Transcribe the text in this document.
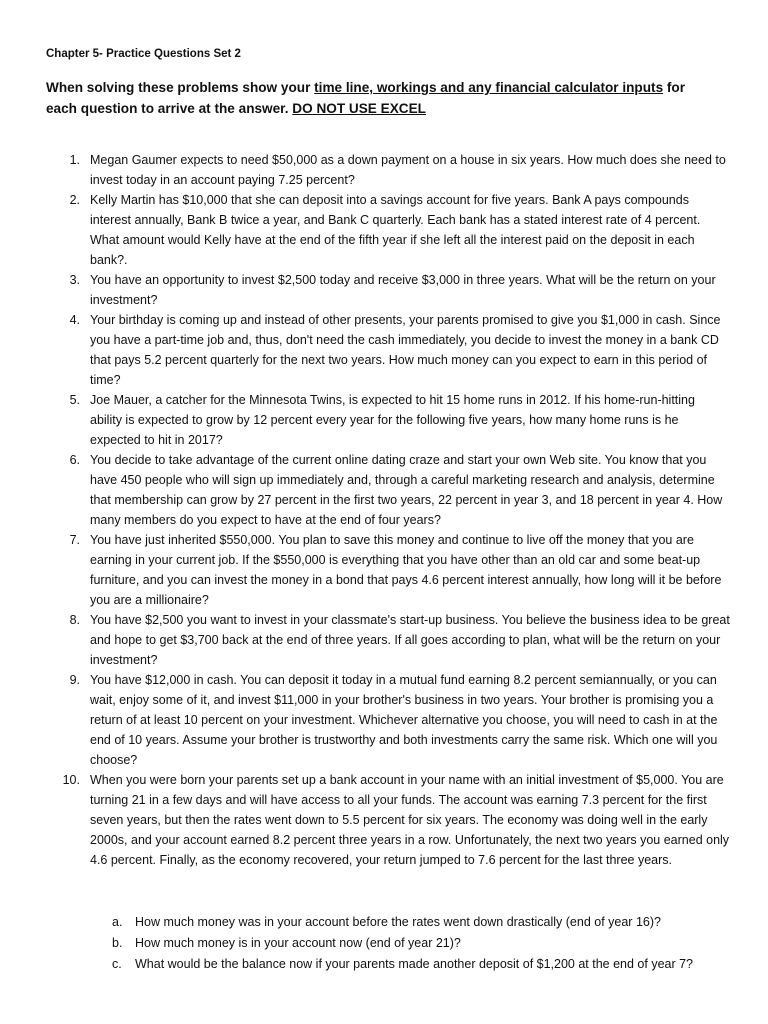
Chapter 5- Practice Questions Set 2
When solving these problems show your time line, workings and any financial calculator inputs for each question to arrive at the answer. DO NOT USE EXCEL
1. Megan Gaumer expects to need $50,000 as a down payment on a house in six years. How much does she need to invest today in an account paying 7.25 percent?
2. Kelly Martin has $10,000 that she can deposit into a savings account for five years. Bank A pays compounds interest annually, Bank B twice a year, and Bank C quarterly. Each bank has a stated interest rate of 4 percent. What amount would Kelly have at the end of the fifth year if she left all the interest paid on the deposit in each bank?.
3. You have an opportunity to invest $2,500 today and receive $3,000 in three years. What will be the return on your investment?
4. Your birthday is coming up and instead of other presents, your parents promised to give you $1,000 in cash. Since you have a part-time job and, thus, don't need the cash immediately, you decide to invest the money in a bank CD that pays 5.2 percent quarterly for the next two years. How much money can you expect to earn in this period of time?
5. Joe Mauer, a catcher for the Minnesota Twins, is expected to hit 15 home runs in 2012. If his home-run-hitting ability is expected to grow by 12 percent every year for the following five years, how many home runs is he expected to hit in 2017?
6. You decide to take advantage of the current online dating craze and start your own Web site. You know that you have 450 people who will sign up immediately and, through a careful marketing research and analysis, determine that membership can grow by 27 percent in the first two years, 22 percent in year 3, and 18 percent in year 4. How many members do you expect to have at the end of four years?
7. You have just inherited $550,000. You plan to save this money and continue to live off the money that you are earning in your current job. If the $550,000 is everything that you have other than an old car and some beat-up furniture, and you can invest the money in a bond that pays 4.6 percent interest annually, how long will it be before you are a millionaire?
8. You have $2,500 you want to invest in your classmate's start-up business. You believe the business idea to be great and hope to get $3,700 back at the end of three years. If all goes according to plan, what will be the return on your investment?
9. You have $12,000 in cash. You can deposit it today in a mutual fund earning 8.2 percent semiannually, or you can wait, enjoy some of it, and invest $11,000 in your brother's business in two years. Your brother is promising you a return of at least 10 percent on your investment. Whichever alternative you choose, you will need to cash in at the end of 10 years. Assume your brother is trustworthy and both investments carry the same risk. Which one will you choose?
10. When you were born your parents set up a bank account in your name with an initial investment of $5,000. You are turning 21 in a few days and will have access to all your funds. The account was earning 7.3 percent for the first seven years, but then the rates went down to 5.5 percent for six years. The economy was doing well in the early 2000s, and your account earned 8.2 percent three years in a row. Unfortunately, the next two years you earned only 4.6 percent. Finally, as the economy recovered, your return jumped to 7.6 percent for the last three years.
a. How much money was in your account before the rates went down drastically (end of year 16)?
b. How much money is in your account now (end of year 21)?
c.	What would be the balance now if your parents made another deposit of $1,200 at the end of year 7?
